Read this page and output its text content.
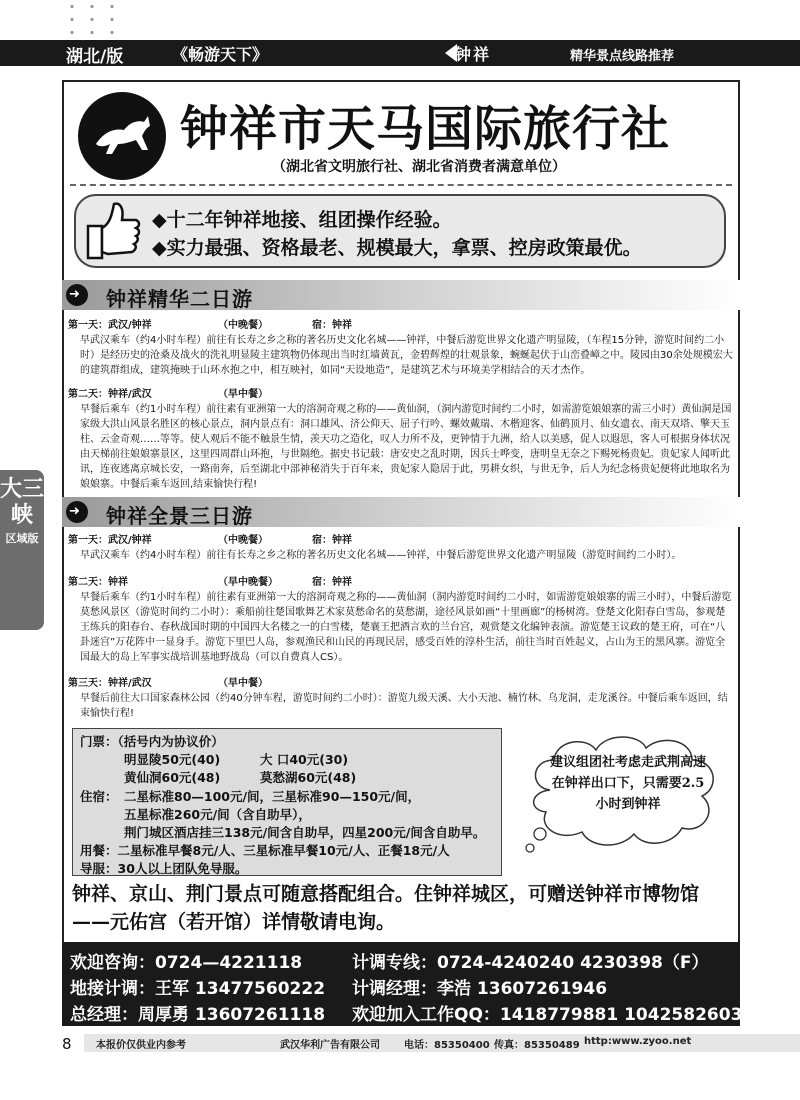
湖北/版	《畅游天下》	钟祥	精华景点线路推荐
大三峡
区域版
钟祥市天马国际旅行社
（湖北省文明旅行社、湖北省消费者满意单位）
◆十二年钟祥地接、组团操作经验。
◆实力最强、资格最老、规模最大，拿票、控房政策最优。
➜ 钟祥精华二日游
第一天：武汉/钟祥	（中晚餐）	宿：钟祥

早武汉乘车（约4小时车程）前往有长寿之乡之称的著名历史文化名城——钟祥，中餐后游览世界文化遗产明显陵，（车程15分钟，游览时间约二小时）是经历史的沧桑及战火的洗礼明显陵主建筑物仍体现出当时红墙黄瓦，金碧辉煌的壮观景象，蜿蜒起伏于山峦叠嶂之中。陵园由30余处规模宏大的建筑群组成，建筑掩映于山环水抱之中，相互映衬，如同“天设地造”，是建筑艺术与环境美学相结合的天才杰作。

第二天：钟祥/武汉	（早中餐）

早餐后乘车（约1小时车程）前往素有亚洲第一大的溶洞奇观之称的——黄仙洞，（洞内游览时间约二小时，如需游览娘娘寨的需三小时）黄仙洞是国家级大洪山风景名胜区的核心景点，洞内景点有：洞口雄风、济公仰天、屈子行吟、螺效戴瑞、木楷迎客、仙鹤顶月、仙女遗衣、南天双塔、擎天玉柱、云金奇观……等等。使人观后不能不触景生情，羡天功之造化，叹人力所不及，更钟情于九洲，给人以美感，促人以遐思，客人可根据身体状况由天梯前往娘娘寨景区，这里四周群山环抱，与世隔绝。据史书记载：唐安史之乱时期，因兵士哗变，唐明皇无奈之下赐死杨贵妃。贵妃家人闻听此讯，连夜逃离京城长安，一路南奔，后至湖北中部神秘消失于百年来，贵妃家人隐居于此，男耕女织，与世无争，后人为纪念杨贵妃便将此地取名为娘娘寨。中餐后乘车返回,结束愉快行程!

➜ 钟祥全景三日游
第一天：武汉/钟祥	（中晚餐）	宿：钟祥

早武汉乘车（约4小时车程）前往有长寿之乡之称的著名历史文化名城——钟祥，中餐后游览世界文化遗产明显陵（游览时间约二小时）。

第二天：钟祥	（早中晚餐）	宿：钟祥

早餐后乘车（约1小时车程）前往素有亚洲第一大的溶洞奇观之称的——黄仙洞（洞内游览时间约二小时，如需游览娘娘寨的需三小时），中餐后游览莫愁风景区（游览时间约二小时）：乘船前往楚国歌舞艺术家莫愁命名的莫愁湖，途径风景如画“十里画廊”的杨树湾。登楚文化阳春白雪岛，参观楚王练兵的阳春台、春秋战国时期的中国四大名楼之一的白雪楼，楚襄王把酒言欢的兰台宫，观赏楚文化编钟表演。游览楚王议政的楚王府，可在“八卦迷宫”万花阵中一显身手。游览下里巴人岛，参观渔民和山民的再现民居，感受百姓的淳朴生活，前往当时百姓起义，占山为王的黑风寨。游览全国最大的岛上军事实战培训基地野战岛（可以自费真人CS）。

第三天：钟祥/武汉	（早中餐）

早餐后前往大口国家森林公园（约40分钟车程，游览时间约二小时）：游览九级天溪、大小天池、楠竹林、乌龙洞，走龙溪谷。中餐后乘车返回，结束愉快行程!

门票：（括号内为协议价）
明显陵50元(40)	大 口40元(30)
黄仙洞60元(48)	莫愁湖60元(48)
住宿： 二星标准80—100元/间，三星标准90—150元/间，
五星标准260元/间（含自助早），
荆门城区酒店挂三138元/间含自助早，四星200元/间含自助早。
用餐：二星标准早餐8元/人、三星标准早餐10元/人、正餐18元/人
导服：30人以上团队免导服。
建议组团社考虑走武荆高速在钟祥出口下，只需要2.5小时到钟祥
钟祥、京山、荆门景点可随意搭配组合。住钟祥城区，可赠送钟祥市博物馆——元佑宫（若开馆）详情敬请电询。
欢迎咨询：0724—4221118	计调专线：0724-4240240 4230398（F）
地接计调：王军 13477560222 计调经理：李浩 13607261946
总经理：周厚勇 13607261118 欢迎加入工作QQ：1418779881 1042582603
8 本报价仅供业内参考	武汉华利广告有限公司 电话：85350400 传真：85350489 http:www.zyoo.net
